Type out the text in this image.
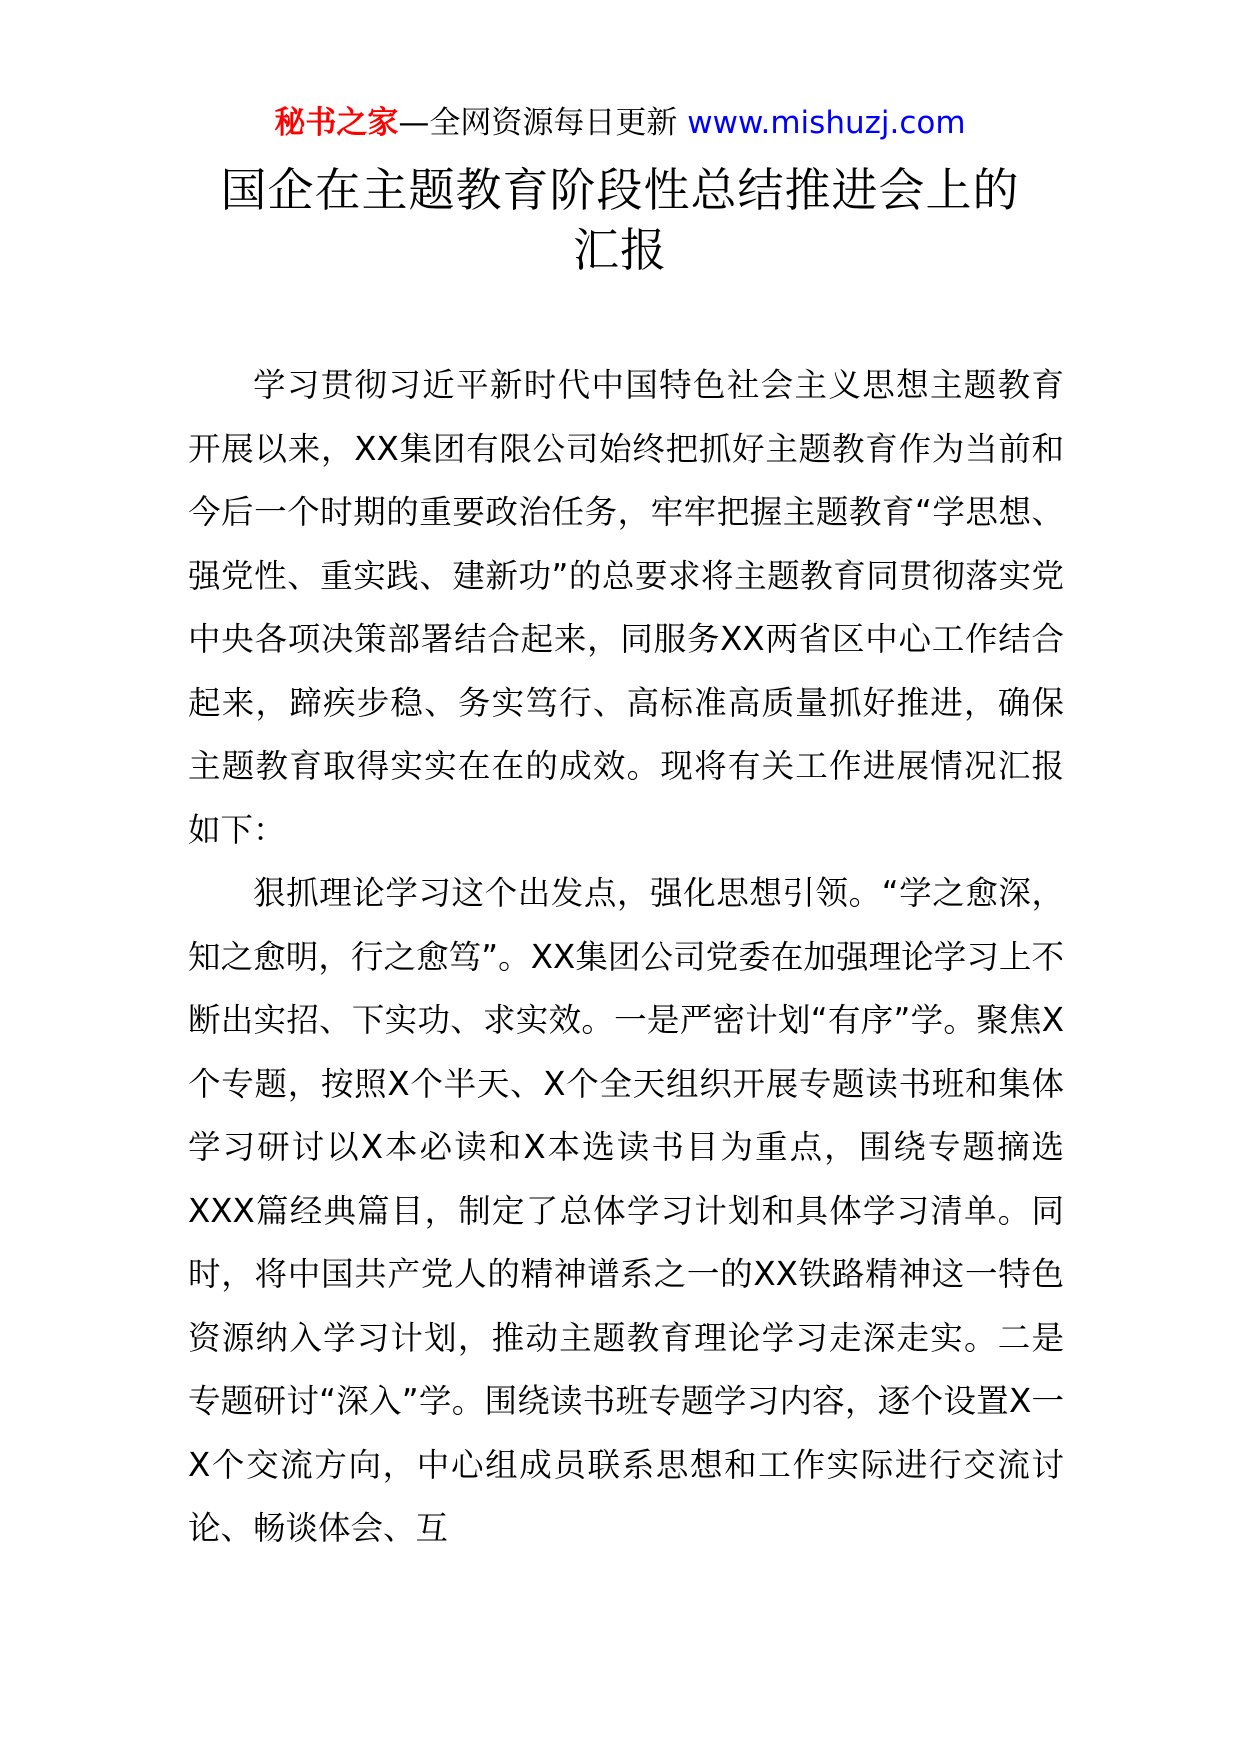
秘书之家—全网资源每日更新 www.mishuzj.com
国企在主题教育阶段性总结推进会上的
汇报

学习贯彻习近平新时代中国特色社会主义思想主题教育开展以来，XX集团有限公司始终把抓好主题教育作为当前和今后一个时期的重要政治任务，牢牢把握主题教育“学思想、强党性、重实践、建新功”的总要求将主题教育同贯彻落实党中央各项决策部署结合起来，同服务XX两省区中心工作结合起来，蹄疾步稳、务实笃行、高标准高质量抓好推进，确保主题教育取得实实在在的成效。现将有关工作进展情况汇报如下：

狠抓理论学习这个出发点，强化思想引领。“学之愈深，知之愈明，行之愈笃”。XX集团公司党委在加强理论学习上不断出实招、下实功、求实效。一是严密计划“有序”学。聚焦X个专题，按照X个半天、X个全天组织开展专题读书班和集体学习研讨以X本必读和X本选读书目为重点，围绕专题摘选XXX篇经典篇目，制定了总体学习计划和具体学习清单。同时，将中国共产党人的精神谱系之一的XX铁路精神这一特色资源纳入学习计划，推动主题教育理论学习走深走实。二是专题研讨“深入”学。围绕读书班专题学习内容，逐个设置X一X个交流方向，中心组成员联系思想和工作实际进行交流讨论、畅谈体会、互
